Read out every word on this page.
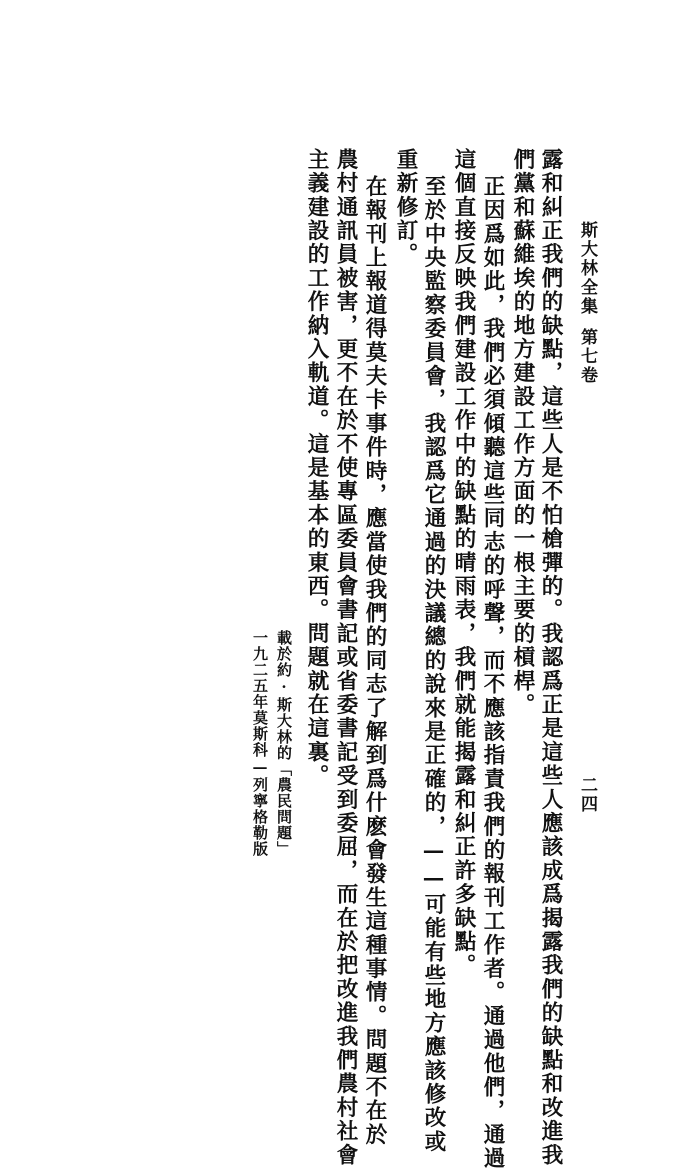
斯大林全集
第七卷
二四
露和糾正我們的缺點，這些人是不怕槍彈的。我認爲正是這些人應該成爲揭露我們的缺點和改進我
們黨和蘇維埃的地方建設工作方面的一根主要的槓桿。
正因爲如此，我們必須傾聽這些同志的呼聲，而不應該指責我們的報刊工作者。通過他們，通過
這個直接反映我們建設工作中的缺點的晴雨表，我們就能揭露和糾正許多缺點。
至於中央監察委員會，我認爲它通過的決議總的說來是正確的，——可能有些地方應該修改或
重新修訂。
在報刊上報道得莫夫卡事件時，應當使我們的同志了解到爲什麽會發生這種事情。問題不在於
農村通訊員被害，更不在於不使專區委員會書記或省委書記受到委屈，而在於把改進我們農村社會
主義建設的工作納入軌道。這是基本的東西。問題就在這裏。
載於約·斯大林的「農民問題」
一九二五年莫斯科—列寧格勒版
